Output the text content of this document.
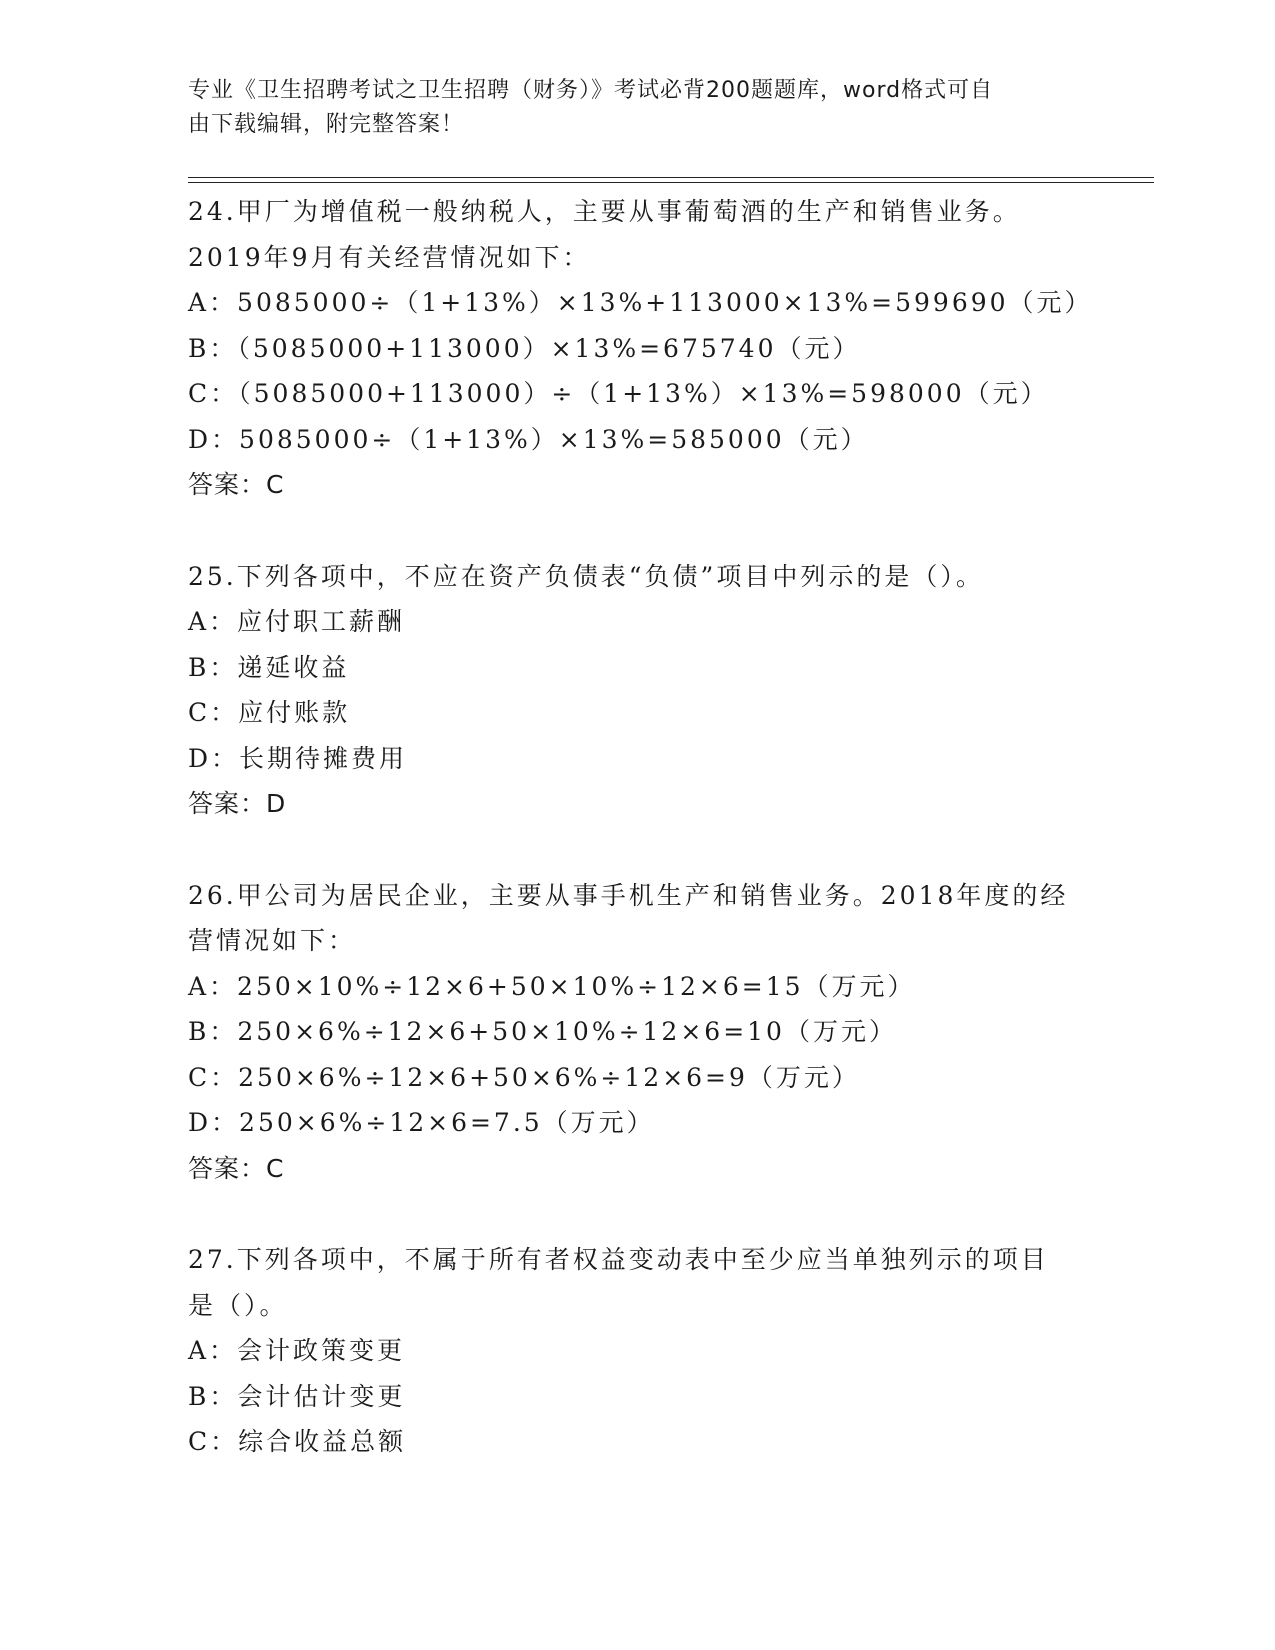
专业《卫生招聘考试之卫生招聘（财务）》考试必背200题题库，word格式可自
由下载编辑，附完整答案！
24.甲厂为增值税一般纳税人，主要从事葡萄酒的生产和销售业务。
2019年9月有关经营情况如下：
A：5085000÷（1+13%）×13%+113000×13%=599690（元）
B：（5085000+113000）×13%=675740（元）
C：（5085000+113000）÷（1+13%）×13%=598000（元）
D：5085000÷（1+13%）×13%=585000（元）
答案：C
25.下列各项中，不应在资产负债表“负债”项目中列示的是（）。
A：应付职工薪酬
B：递延收益
C：应付账款
D：长期待摊费用
答案：D
26.甲公司为居民企业，主要从事手机生产和销售业务。2018年度的经
营情况如下：
A：250×10%÷12×6+50×10%÷12×6=15（万元）
B：250×6%÷12×6+50×10%÷12×6=10（万元）
C：250×6%÷12×6+50×6%÷12×6=9（万元）
D：250×6%÷12×6=7.5（万元）
答案：C
27.下列各项中，不属于所有者权益变动表中至少应当单独列示的项目
是（）。
A：会计政策变更
B：会计估计变更
C：综合收益总额
